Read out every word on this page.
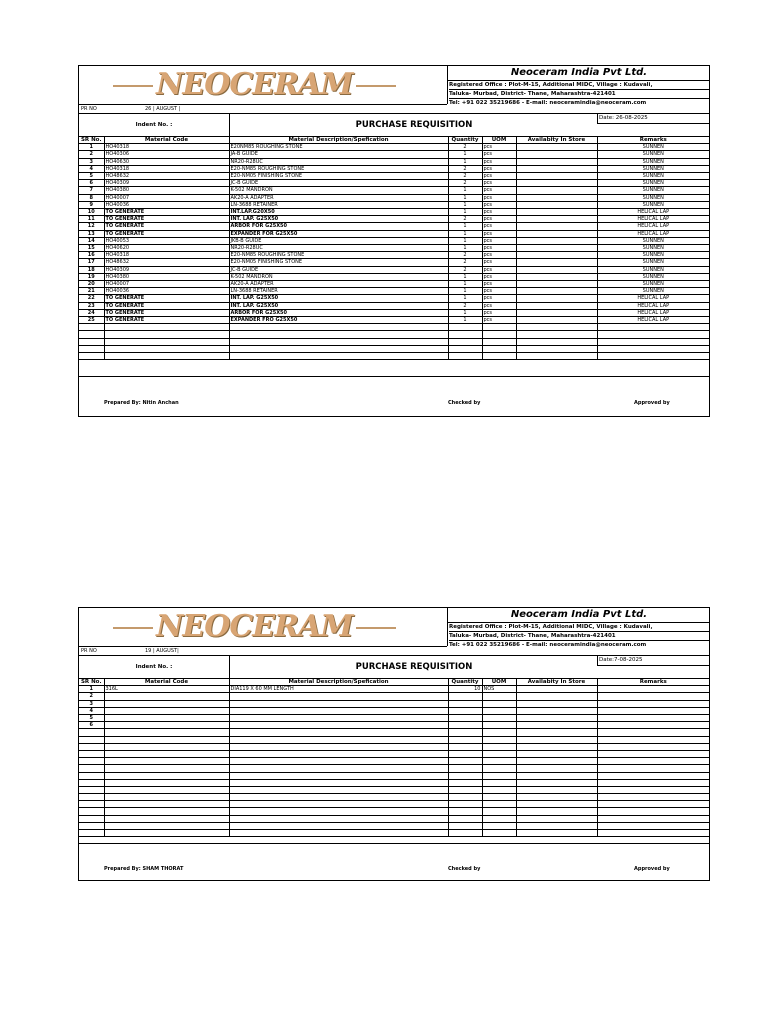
NEOCERAM	Neoceram India Pvt Ltd.
Registered Office : Plot-M-15, Additional MIDC, Village : Kudavali,
Taluka- Murbad, District- Thane, Maharashtra-421401
Tel: +91 022 35219686 - E-mail: neoceramindia@neoceram.com
PR NO	26 | AUGUST |
Indent No. :	PURCHASE REQUISITION
Date: 26-08-2025
SR No.	Material Code	Material Description/Spefication	Quantity	UOM	Availabity In Store	Remarks
1	HO40318	E20NM85 ROUGHING STONE	2	pcs		SUNNEN
2	HO40306	JA-B GUIDE	1	pcs		SUNNEN
3	HO40630	NR20-R28UC	1	pcs		SUNNEN
4	HO40318	E20-NM85 ROUGHING STONE	2	pcs		SUNNEN
5	HO48632	E20-NM05 FINISHING STONE	2	pcs		SUNNEN
6	HO40309	JC-B GUIDE	2	pcs		SUNNEN
7	HO40380	K-502 MANDRON	1	pcs		SUNNEN
8	HO40007	AK20-A ADAPTER	1	pcs		SUNNEN
9	HO40036	LN-3688 RETAINER	1	pcs		SUNNEN
10	TO GENERATE	INT.LAP.G20X50	1	pcs		HELICAL LAP
11	TO GENERATE	INT. LAP. G25X50	2	pcs		HELICAL LAP
12	TO GENERATE	ARBOR FOR G25X50	1	pcs		HELICAL LAP
13	TO GENERATE	EXPANDER FOR G25X50	1	pcs		HELICAL LAP
14	HO40053	JKB-B GUIDE	1	pcs		SUNNEN
15	HO40620	NR20-R28UC	1	pcs		SUNNEN
16	HO40318	E20-NM85 ROUGHING STONE	2	pcs		SUNNEN
17	HO48632	E20-NM05 FINISHING STONE	2	pcs		SUNNEN
18	HO40309	JC-B GUIDE	2	pcs		SUNNEN
19	HO40380	K-502 MANDRON	1	pcs		SUNNEN
20	HO40007	AK20-A ADAPTER	1	pcs		SUNNEN
21	HO40036	LN-3688 RETAINER	1	pcs		SUNNEN
22	TO GENERATE	INT. LAP. G25X50	1	pcs		HELICAL LAP
23	TO GENERATE	INT. LAP. G25X50	2	pcs		HELICAL LAP
24	TO GENERATE	ARBOR FOR G25X50	1	pcs		HELICAL LAP
25	TO GENERATE	EXPANDER FRO G25X50	1	pcs		HELICAL LAP

Prepared By: Nitin Anchan	Checked by	Approved by
NEOCERAM	Neoceram India Pvt Ltd.
Registered Office : Plot-M-15, Additional MIDC, Village : Kudavali,
Taluka- Murbad, District- Thane, Maharashtra-421401
Tel: +91 022 35219686 - E-mail: neoceramindia@neoceram.com
PR NO	19 | AUGUST|
Indent No. :	PURCHASE REQUISITION
Date:7-08-2025
SR No.	Material Code	Material Description/Spefication	Quantity	UOM	Availabity In Store	Remarks
1	316L	DIA119 X 60 MM LENGTH	10	NOS		
2						
3						
4						
5						
6						

Prepared By: SHAM THORAT	Checked by	Approved by
